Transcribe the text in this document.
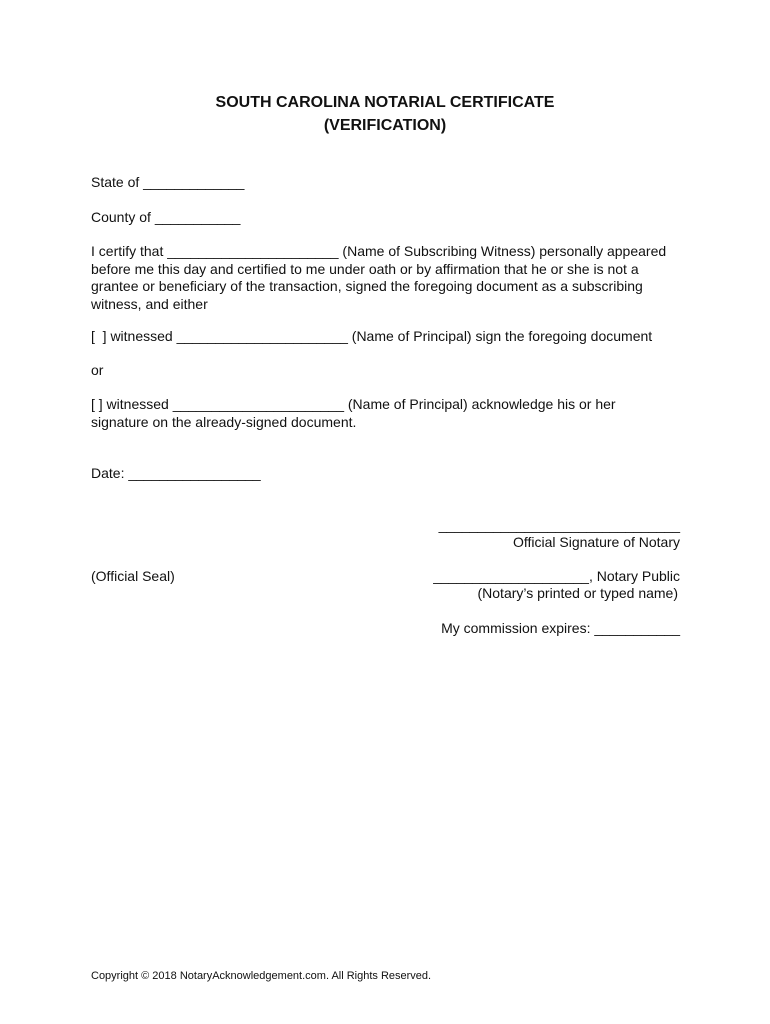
SOUTH CAROLINA NOTARIAL CERTIFICATE
(VERIFICATION)
State of _____________
County of ___________
I certify that ______________________ (Name of Subscribing Witness) personally appeared before me this day and certified to me under oath or by affirmation that he or she is not a grantee or beneficiary of the transaction, signed the foregoing document as a subscribing witness, and either
[  ] witnessed ______________________ (Name of Principal) sign the foregoing document
or
[ ] witnessed ______________________ (Name of Principal) acknowledge his or her signature on the already-signed document.
Date: _________________
_______________________________
Official Signature of Notary
(Official Seal)	____________________, Notary Public
(Notary’s printed or typed name)
My commission expires: ___________
Copyright © 2018 NotaryAcknowledgement.com. All Rights Reserved.
